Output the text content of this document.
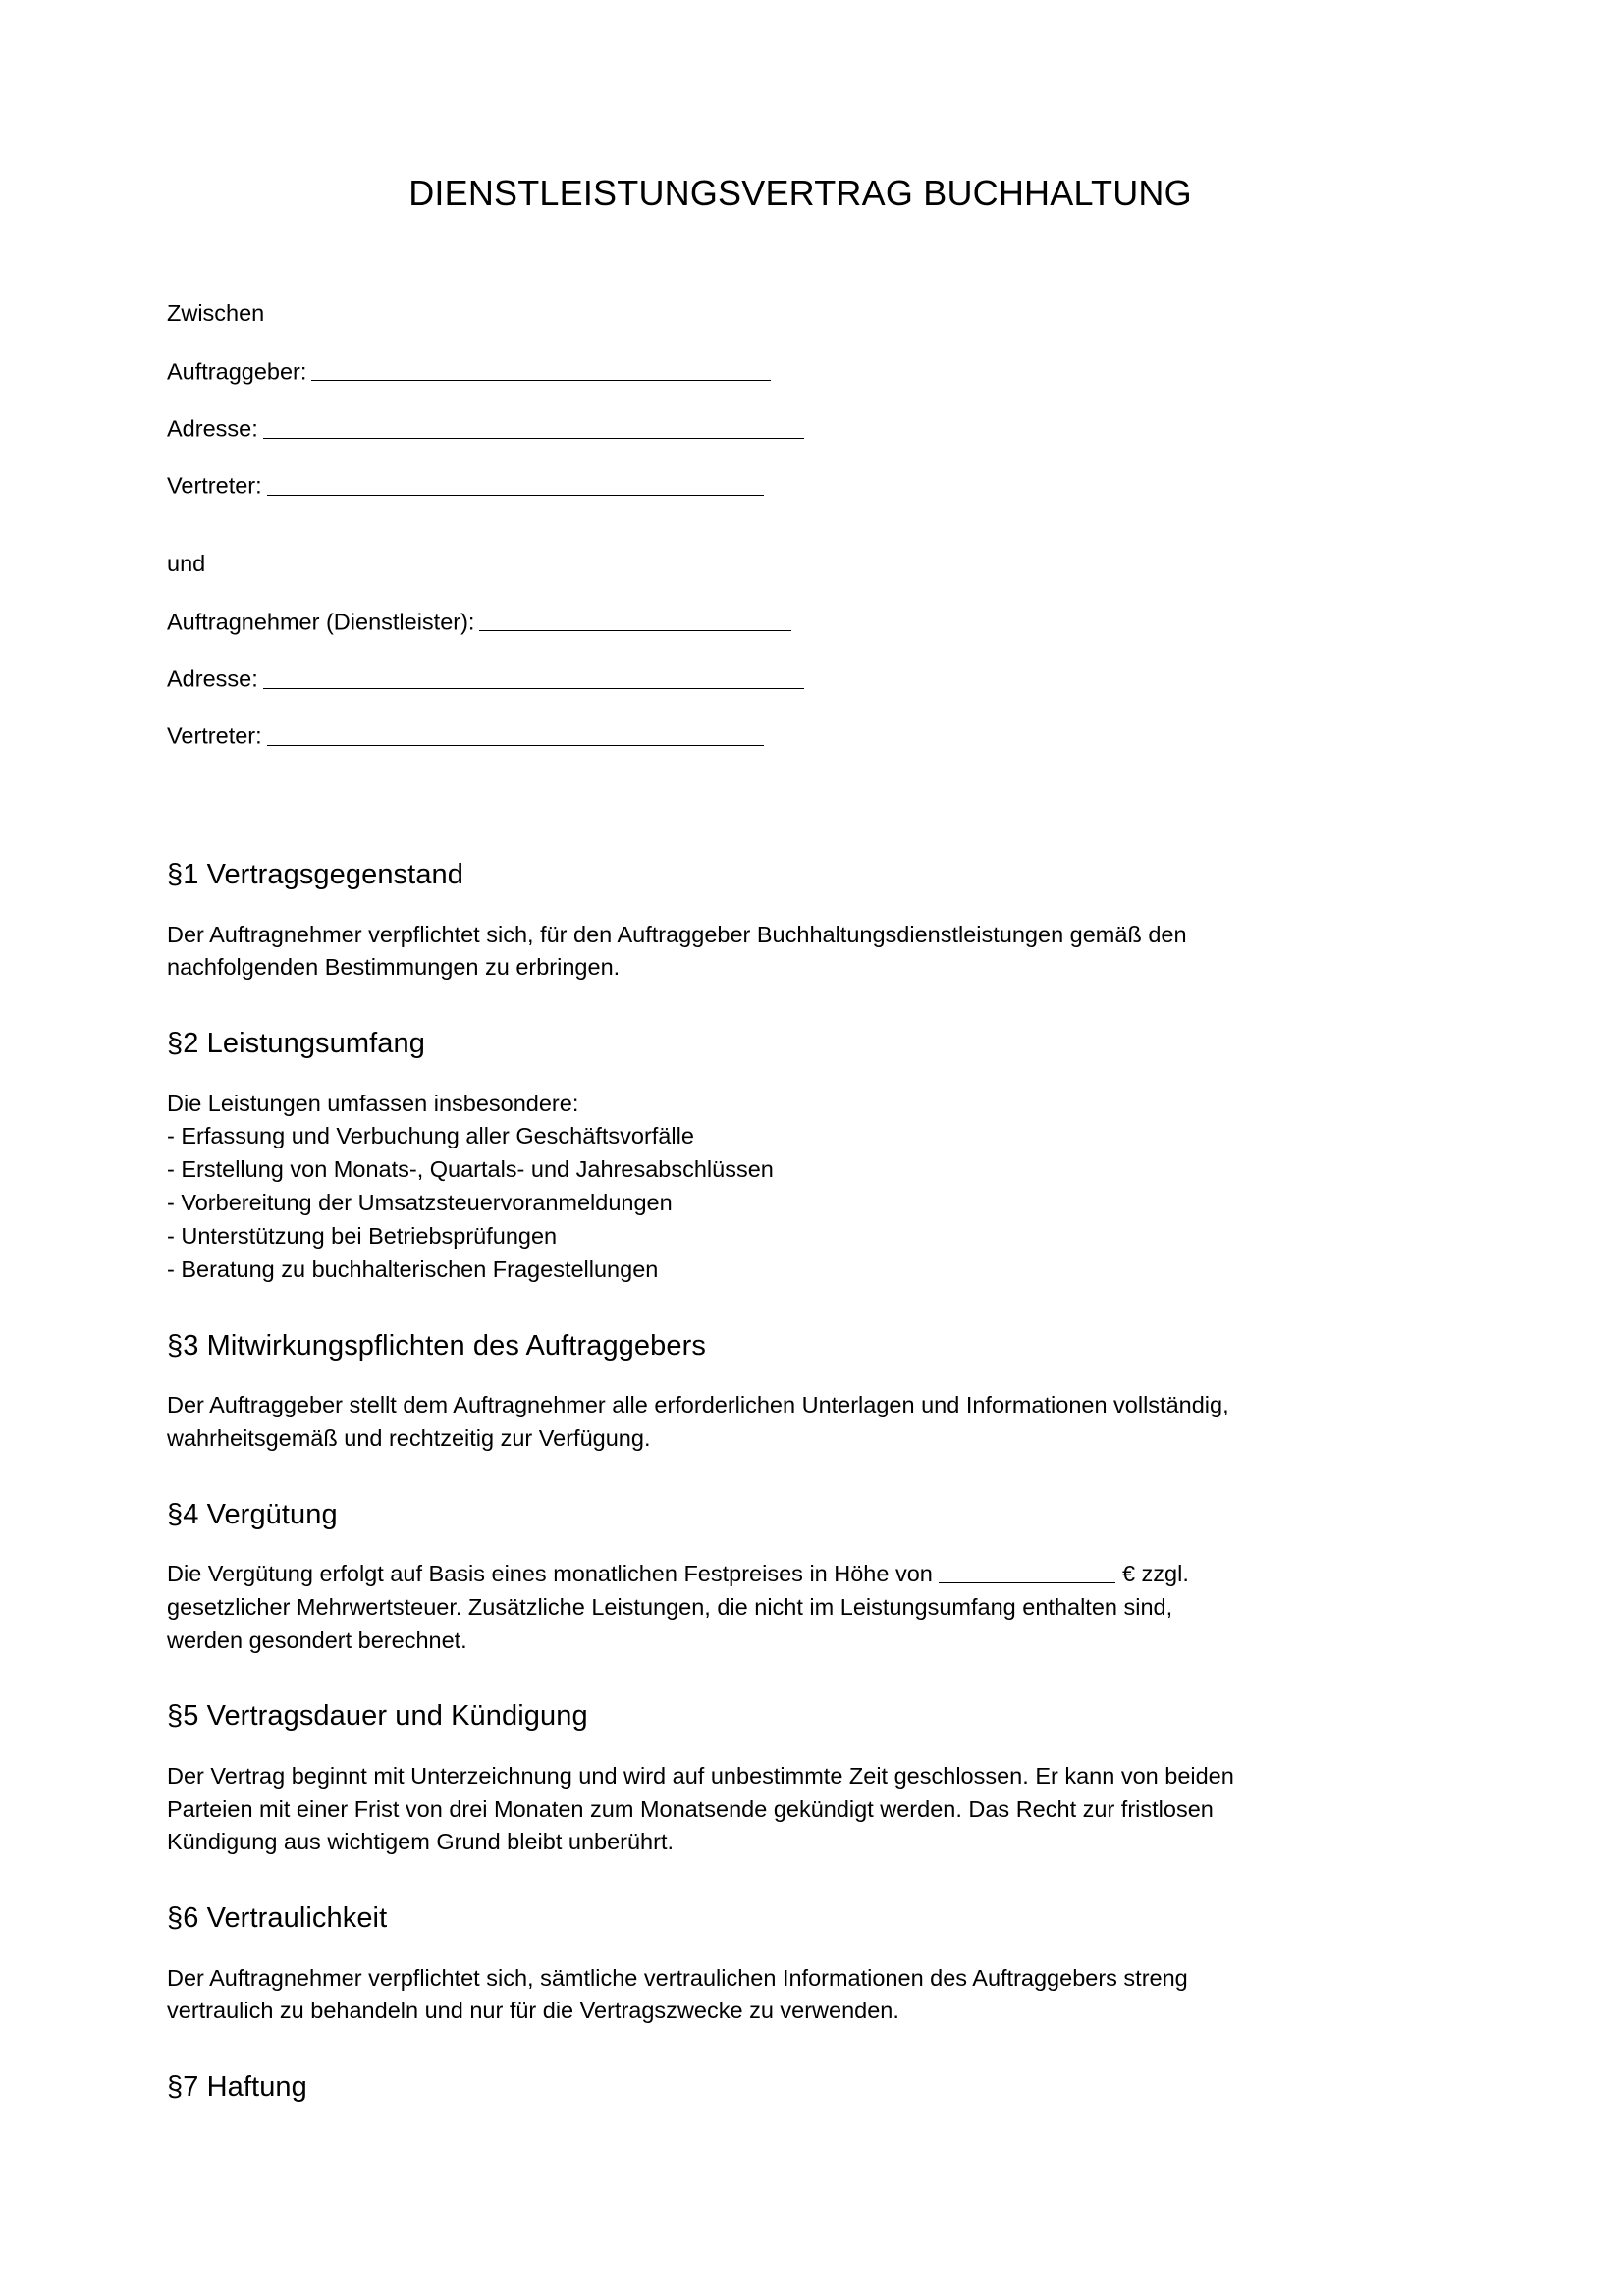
DIENSTLEISTUNGSVERTRAG BUCHHALTUNG
Zwischen
Auftraggeber:
Adresse:
Vertreter:
und
Auftragnehmer (Dienstleister):
Adresse:
Vertreter:
§1 Vertragsgegenstand
Der Auftragnehmer verpflichtet sich, für den Auftraggeber Buchhaltungsdienstleistungen gemäß den
nachfolgenden Bestimmungen zu erbringen.
§2 Leistungsumfang
Die Leistungen umfassen insbesondere:
- Erfassung und Verbuchung aller Geschäftsvorfälle
- Erstellung von Monats-, Quartals- und Jahresabschlüssen
- Vorbereitung der Umsatzsteuervoranmeldungen
- Unterstützung bei Betriebsprüfungen
- Beratung zu buchhalterischen Fragestellungen
§3 Mitwirkungspflichten des Auftraggebers
Der Auftraggeber stellt dem Auftragnehmer alle erforderlichen Unterlagen und Informationen vollständig,
wahrheitsgemäß und rechtzeitig zur Verfügung.
§4 Vergütung
Die Vergütung erfolgt auf Basis eines monatlichen Festpreises in Höhe von	€ zzgl.
gesetzlicher Mehrwertsteuer. Zusätzliche Leistungen, die nicht im Leistungsumfang enthalten sind,
werden gesondert berechnet.
§5 Vertragsdauer und Kündigung
Der Vertrag beginnt mit Unterzeichnung und wird auf unbestimmte Zeit geschlossen. Er kann von beiden
Parteien mit einer Frist von drei Monaten zum Monatsende gekündigt werden. Das Recht zur fristlosen
Kündigung aus wichtigem Grund bleibt unberührt.
§6 Vertraulichkeit
Der Auftragnehmer verpflichtet sich, sämtliche vertraulichen Informationen des Auftraggebers streng
vertraulich zu behandeln und nur für die Vertragszwecke zu verwenden.
§7 Haftung
